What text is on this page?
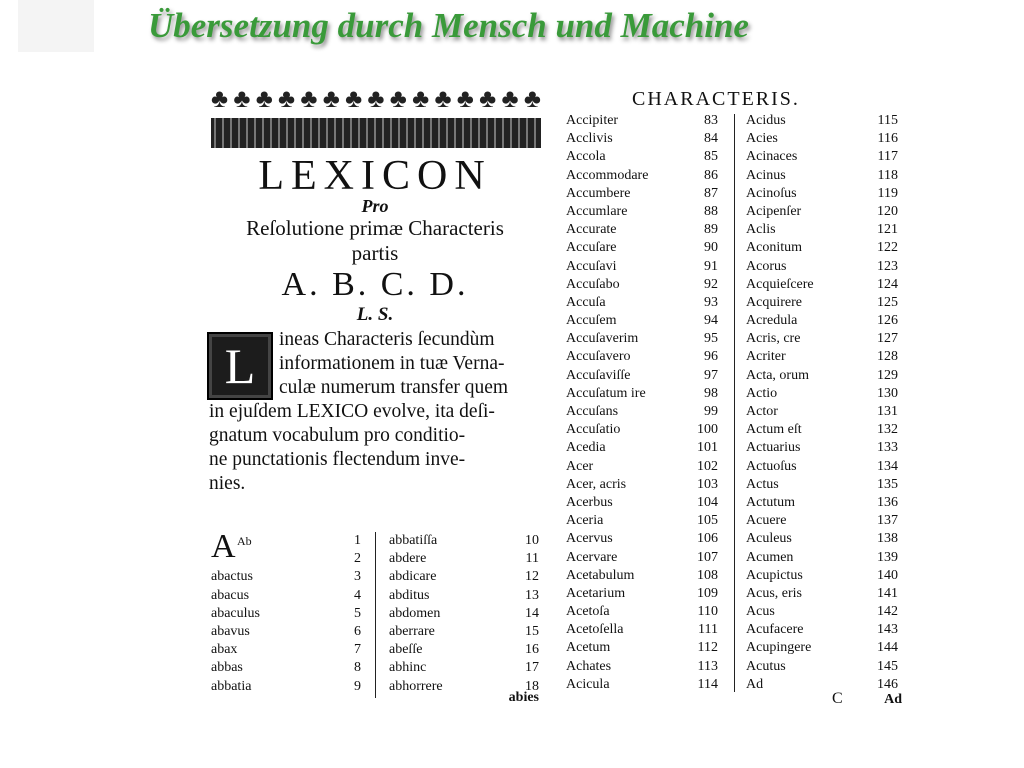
Übersetzung durch Mensch und Machine
♣ ♣ ♣ ♣ ♣ ♣ ♣ ♣ ♣ ♣ ♣ ♣ ♣ ♣ ♣
LEXICON
Pro
Reſolutione primæ Characteris
partis
A. B. C. D.
L. S.
L	ineas Characteris ſecundùm
informationem in tuæ Verna-
culæ numerum transfer quem
in ejuſdem LEXICO evolve, ita deſi-
gnatum vocabulum pro conditio-
ne punctationis flectendum inve-
nies.
A Ab	1
2
abactus	3
abacus	4
abaculus	5
abavus	6
abax	7
abbas	8
abbatia	9
abbatiſſa	10
abdere	11
abdicare	12
abditus	13
abdomen	14
aberrare	15
abeſſe	16
abhinc	17
abhorrere	18
abies
CHARACTERIS.
Accipiter	83
Acclivis	84
Accola	85
Accommodare	86
Accumbere	87
Accumlare	88
Accurate	89
Accuſare	90
Accuſavi	91
Accuſabo	92
Accuſa	93
Accuſem	94
Accuſaverim	95
Accuſavero	96
Accuſaviſſe	97
Accuſatum ire	98
Accuſans	99
Accuſatio	100
Acedia	101
Acer	102
Acer, acris	103
Acerbus	104
Aceria	105
Acervus	106
Acervare	107
Acetabulum	108
Acetarium	109
Acetoſa	110
Acetoſella	111
Acetum	112
Achates	113
Acicula	114
Acidus	115
Acies	116
Acinaces	117
Acinus	118
Acinoſus	119
Acipenſer	120
Aclis	121
Aconitum	122
Acorus	123
Acquieſcere	124
Acquirere	125
Acredula	126
Acris, cre	127
Acriter	128
Acta, orum	129
Actio	130
Actor	131
Actum eſt	132
Actuarius	133
Actuoſus	134
Actus	135
Actutum	136
Acuere	137
Aculeus	138
Acumen	139
Acupictus	140
Acus, eris	141
Acus	142
Acufacere	143
Acupingere	144
Acutus	145
Ad	146
C	Ad
